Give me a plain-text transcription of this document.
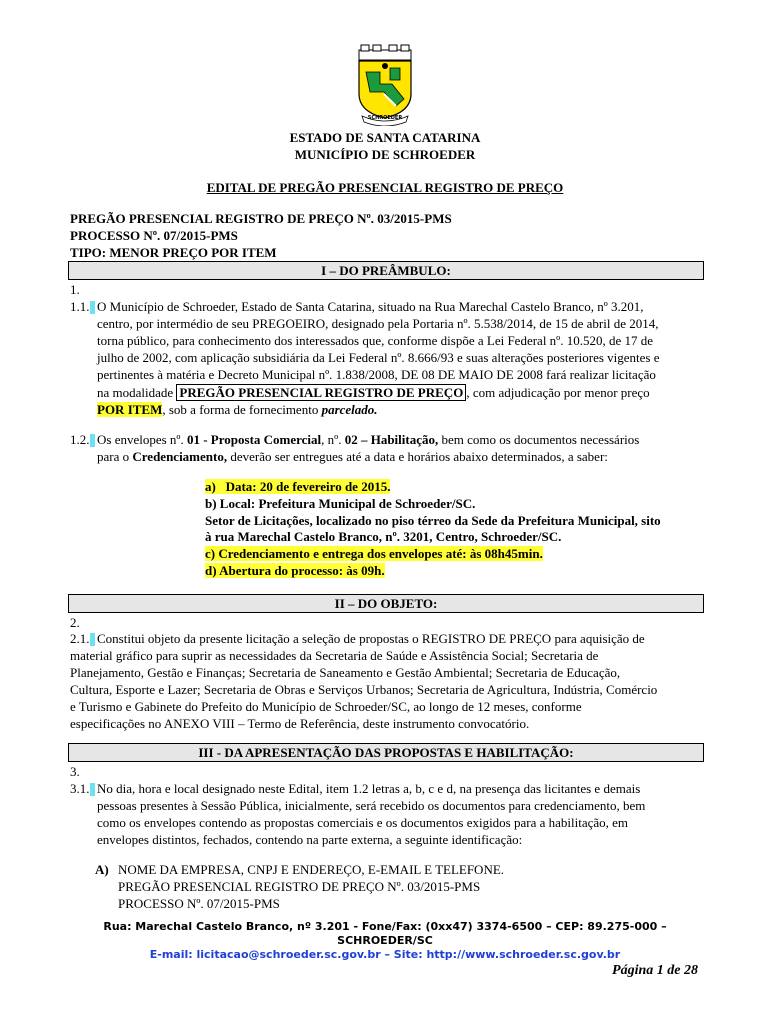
SCHROEDER
ESTADO DE SANTA CATARINA
MUNICÍPIO DE SCHROEDER
EDITAL DE PREGÃO PRESENCIAL REGISTRO DE PREÇO
PREGÃO PRESENCIAL REGISTRO DE PREÇO Nº. 03/2015-PMS
PROCESSO Nº. 07/2015-PMS
TIPO: MENOR PREÇO POR ITEM
I – DO PREÂMBULO:
1.
1.1. O Município de Schroeder, Estado de Santa Catarina, situado na Rua Marechal Castelo Branco, nº 3.201,
centro, por intermédio de seu PREGOEIRO, designado pela Portaria nº. 5.538/2014, de 15 de abril de 2014,
torna público, para conhecimento dos interessados que, conforme dispõe a Lei Federal nº. 10.520, de 17 de
julho de 2002, com aplicação subsidiária da Lei Federal nº. 8.666/93 e suas alterações posteriores vigentes e
pertinentes à matéria e Decreto Municipal nº. 1.838/2008, DE 08 DE MAIO DE 2008 fará realizar licitação
na modalidade PREGÃO PRESENCIAL REGISTRO DE PREÇO , com adjudicação por menor preço
POR ITEM, sob a forma de fornecimento parcelado.
1.2. Os envelopes nº. 01 - Proposta Comercial, nº. 02 – Habilitação, bem como os documentos necessários
para o Credenciamento, deverão ser entregues até a data e horários abaixo determinados, a saber:
a)   Data: 20 de fevereiro de 2015.
b) Local: Prefeitura Municipal de Schroeder/SC.
Setor de Licitações, localizado no piso térreo da Sede da Prefeitura Municipal, sito
à rua Marechal Castelo Branco, nº. 3201, Centro, Schroeder/SC.
c) Credenciamento e entrega dos envelopes até: às 08h45min.
d) Abertura do processo: às 09h.
II – DO OBJETO:
2.
2.1. Constitui objeto da presente licitação a seleção de propostas o REGISTRO DE PREÇO para aquisição de
material gráfico para suprir as necessidades da Secretaria de Saúde e Assistência Social; Secretaria de
Planejamento, Gestão e Finanças; Secretaria de Saneamento e Gestão Ambiental; Secretaria de Educação,
Cultura, Esporte e Lazer; Secretaria de Obras e Serviços Urbanos; Secretaria de Agricultura, Indústria, Comércio
e Turismo e Gabinete do Prefeito do Município de Schroeder/SC, ao longo de 12 meses, conforme
especificações no ANEXO VIII – Termo de Referência, deste instrumento convocatório.
III - DA APRESENTAÇÃO DAS PROPOSTAS E HABILITAÇÃO:
3.
3.1. No dia, hora e local designado neste Edital, item 1.2 letras a, b, c e d, na presença das licitantes e demais
pessoas presentes à Sessão Pública, inicialmente, será recebido os documentos para credenciamento, bem
como os envelopes contendo as propostas comerciais e os documentos exigidos para a habilitação, em
envelopes distintos, fechados, contendo na parte externa, a seguinte identificação:
A) NOME DA EMPRESA, CNPJ E ENDEREÇO, E-EMAIL E TELEFONE.
PREGÃO PRESENCIAL REGISTRO DE PREÇO Nº. 03/2015-PMS
PROCESSO Nº. 07/2015-PMS
Rua: Marechal Castelo Branco, nº 3.201 - Fone/Fax: (0xx47) 3374-6500 – CEP: 89.275-000 –
SCHROEDER/SC
E-mail: licitacao@schroeder.sc.gov.br – Site: http://www.schroeder.sc.gov.br
Página 1 de 28
